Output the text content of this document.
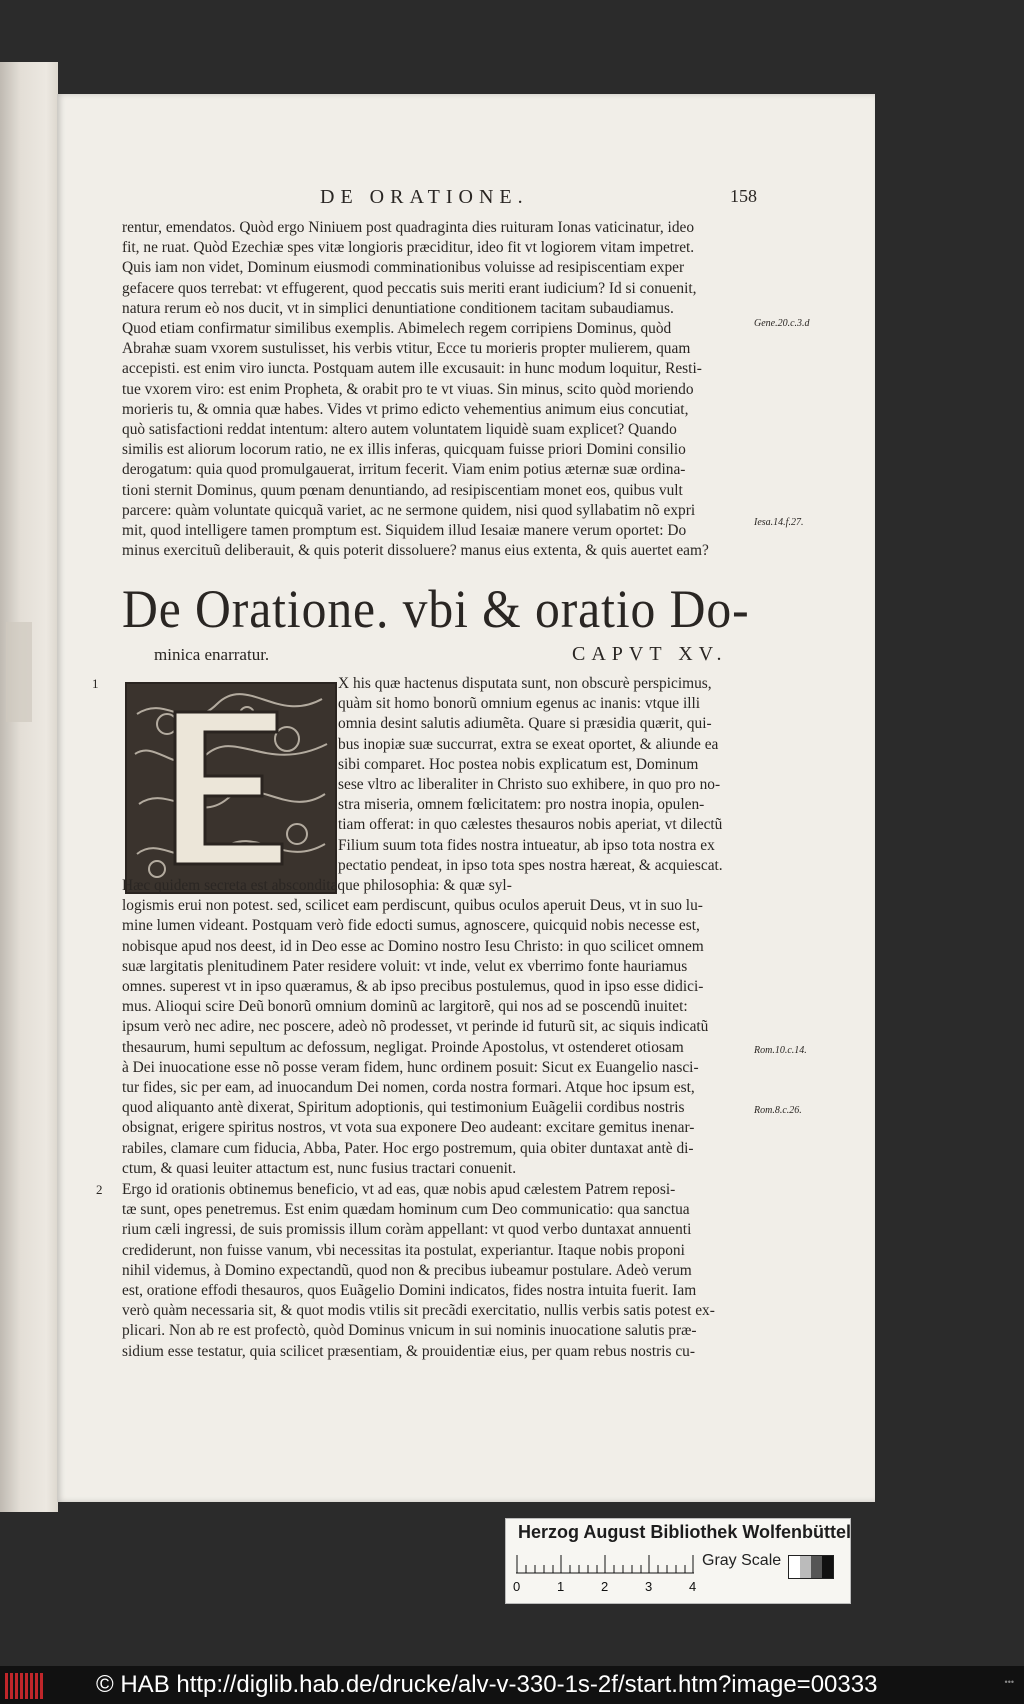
DE ORATIONE.	158
rentur, emendatos. Quòd ergo Niniuem post quadraginta dies ruituram Ionas vaticinatur, ideo
fit, ne ruat. Quòd Ezechiæ spes vitæ longioris præciditur, ideo fit vt logiorem vitam impetret.
Quis iam non videt, Dominum eiusmodi comminationibus voluisse ad resipiscentiam exper
gefacere quos terrebat: vt effugerent, quod peccatis suis meriti erant iudicium? Id si conuenit,
natura rerum eò nos ducit, vt in simplici denuntiatione conditionem tacitam subaudiamus.
Quod etiam confirmatur similibus exemplis. Abimelech regem corripiens Dominus, quòd
Abrahæ suam vxorem sustulisset, his verbis vtitur, Ecce tu morieris propter mulierem, quam
accepisti. est enim viro iuncta. Postquam autem ille excusauit: in hunc modum loquitur, Resti-
tue vxorem viro: est enim Propheta, & orabit pro te vt viuas. Sin minus, scito quòd moriendo
morieris tu, & omnia quæ habes. Vides vt primo edicto vehementius animum eius concutiat,
quò satisfactioni reddat intentum: altero autem voluntatem liquidè suam explicet? Quando
similis est aliorum locorum ratio, ne ex illis inferas, quicquam fuisse priori Domini consilio
derogatum: quia quod promulgauerat, irritum fecerit. Viam enim potius æternæ suæ ordina-
tioni sternit Dominus, quum pœnam denuntiando, ad resipiscentiam monet eos, quibus vult
parcere: quàm voluntate quicquã variet, ac ne sermone quidem, nisi quod syllabatim nõ expri
mit, quod intelligere tamen promptum est. Siquidem illud Iesaiæ manere verum oportet: Do
minus exercituũ deliberauit, & quis poterit dissoluere? manus eius extenta, & quis auertet eam?
Gene.20.c.3.d
Iesa.14.f.27.
De Oratione. vbi & oratio Do-
minica enarratur.	CAPVT XV.
1	X his quæ hactenus disputata sunt, non obscurè perspicimus,
quàm sit homo bonorũ omnium egenus ac inanis: vtque illi
omnia desint salutis adiumẽta. Quare si præsidia quærit, qui-
bus inopiæ suæ succurrat, extra se exeat oportet, & aliunde ea
sibi comparet. Hoc postea nobis explicatum est, Dominum
sese vltro ac liberaliter in Christo suo exhibere, in quo pro no-
stra miseria, omnem fœlicitatem: pro nostra inopia, opulen-
tiam offerat: in quo cælestes thesauros nobis aperiat, vt dilectũ
Filium suum tota fides nostra intueatur, ab ipso tota nostra ex
pectatio pendeat, in ipso tota spes nostra hæreat, & acquiescat.
Hæc quidem secreta est absconditaque philosophia: & quæ syl-
logismis erui non potest. sed, scilicet eam perdiscunt, quibus oculos aperuit Deus, vt in suo lu-
mine lumen videant. Postquam verò fide edocti sumus, agnoscere, quicquid nobis necesse est,
nobisque apud nos deest, id in Deo esse ac Domino nostro Iesu Christo: in quo scilicet omnem
suæ largitatis plenitudinem Pater residere voluit: vt inde, velut ex vberrimo fonte hauriamus
omnes. superest vt in ipso quæramus, & ab ipso precibus postulemus, quod in ipso esse didici-
mus. Alioqui scire Deũ bonorũ omnium dominũ ac largitorẽ, qui nos ad se poscendũ inuitet:
ipsum verò nec adire, nec poscere, adeò nõ prodesset, vt perinde id futurũ sit, ac siquis indicatũ
thesaurum, humi sepultum ac defossum, negligat. Proinde Apostolus, vt ostenderet otiosam
à Dei inuocatione esse nõ posse veram fidem, hunc ordinem posuit: Sicut ex Euangelio nasci-
tur fides, sic per eam, ad inuocandum Dei nomen, corda nostra formari. Atque hoc ipsum est,
quod aliquanto antè dixerat, Spiritum adoptionis, qui testimonium Euãgelii cordibus nostris
obsignat, erigere spiritus nostros, vt vota sua exponere Deo audeant: excitare gemitus inenar-
rabiles, clamare cum fiducia, Abba, Pater. Hoc ergo postremum, quia obiter duntaxat antè di-
ctum, & quasi leuiter attactum est, nunc fusius tractari conuenit.
Rom.10.c.14.
Rom.8.c.26.
2 Ergo id orationis obtinemus beneficio, vt ad eas, quæ nobis apud cælestem Patrem reposi-
tæ sunt, opes penetremus. Est enim quædam hominum cum Deo communicatio: qua sanctua
rium cæli ingressi, de suis promissis illum coràm appellant: vt quod verbo duntaxat annuenti
crediderunt, non fuisse vanum, vbi necessitas ita postulat, experiantur. Itaque nobis proponi
nihil videmus, à Domino expectandũ, quod non & precibus iubeamur postulare. Adeò verum
est, oratione effodi thesauros, quos Euãgelio Domini indicatos, fides nostra intuita fuerit. Iam
verò quàm necessaria sit, & quot modis vtilis sit precãdi exercitatio, nullis verbis satis potest ex-
plicari. Non ab re est profectò, quòd Dominus vnicum in sui nominis inuocatione salutis præ-
sidium esse testatur, quia scilicet præsentiam, & prouidentiæ eius, per quam rebus nostris cu-
Herzog August Bibliothek Wolfenbüttel
0	1	2	3	4
Gray Scale
© HAB http://diglib.hab.de/drucke/alv-v-330-1s-2f/start.htm?image=00333	•••
